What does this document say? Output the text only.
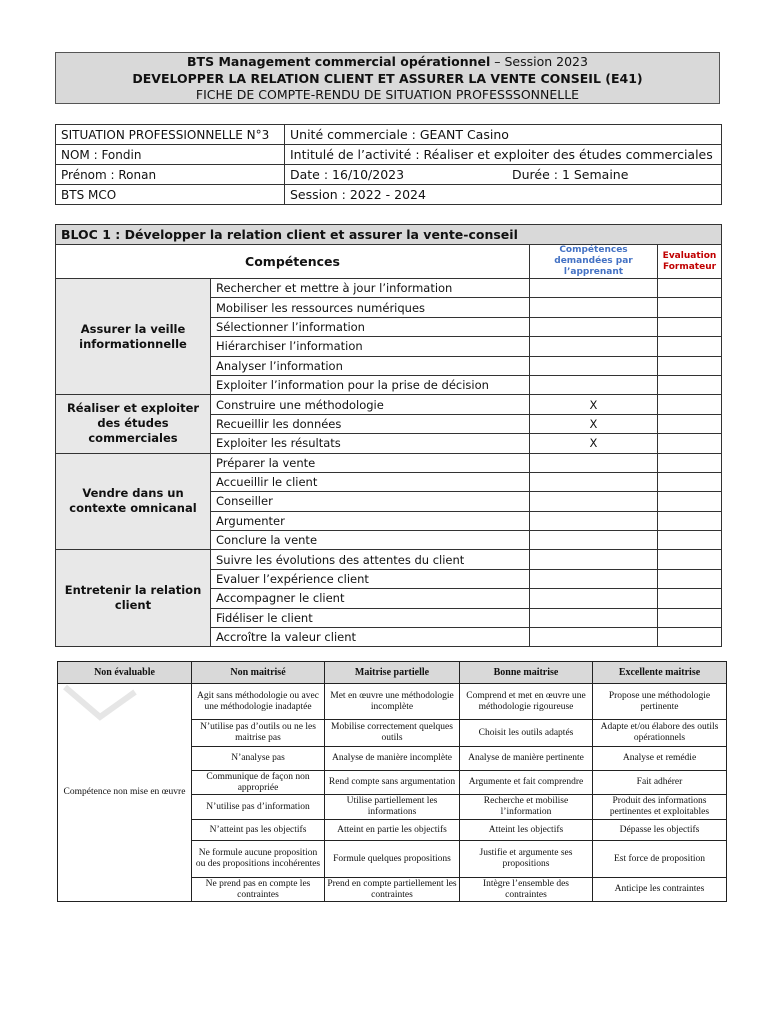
BTS Management commercial opérationnel – Session 2023
DEVELOPPER LA RELATION CLIENT ET ASSURER LA VENTE CONSEIL (E41)
FICHE DE COMPTE-RENDU DE SITUATION PROFESSSONNELLE
SITUATION PROFESSIONNELLE N°3	Unité commerciale : GEANT Casino
NOM : Fondin	Intitulé de l’activité : Réaliser et exploiter des études commerciales
Prénom : Ronan	Date : 16/10/2023 Durée : 1 Semaine
BTS MCO	Session : 2022 - 2024
BLOC 1 : Développer la relation client et assurer la vente-conseil			
Compétences		Compétences demandées par l’apprenant	Evaluation Formateur
Assurer la veille informationnelle	Rechercher et mettre à jour l’information		
	Mobiliser les ressources numériques		
	Sélectionner l’information		
	Hiérarchiser l’information		
	Analyser l’information		
	Exploiter l’information pour la prise de décision		
Réaliser et exploiter des études commerciales	Construire une méthodologie	X	
	Recueillir les données	X	
	Exploiter les résultats	X	
Vendre dans un contexte omnicanal	Préparer la vente		
	Accueillir le client		
	Conseiller		
	Argumenter		
	Conclure la vente		
Entretenir la relation client	Suivre les évolutions des attentes du client		
	Evaluer l’expérience client		
	Accompagner le client		
	Fidéliser le client		
	Accroître la valeur client		
Non évaluable	Non maitrisé	Maitrise partielle	Bonne maitrise	Excellente maitrise
Compétence non mise en œuvre	Agit sans méthodologie ou avec une méthodologie inadaptée	Met en œuvre une méthodologie incomplète	Comprend et met en œuvre une méthodologie rigoureuse	Propose une méthodologie pertinente
	N’utilise pas d’outils ou ne les maitrise pas	Mobilise correctement quelques outils	Choisit les outils adaptés	Adapte et/ou élabore des outils opérationnels
	N’analyse pas	Analyse de manière incomplète	Analyse de manière pertinente	Analyse et remédie
	Communique de façon non appropriée	Rend compte sans argumentation	Argumente et fait comprendre	Fait adhérer
	N’utilise pas d’information	Utilise partiellement les informations	Recherche et mobilise l’information	Produit des informations pertinentes et exploitables
	N’atteint pas les objectifs	Atteint en partie les objectifs	Atteint les objectifs	Dépasse les objectifs
	Ne formule aucune proposition ou des propositions incohérentes	Formule quelques propositions	Justifie et argumente ses propositions	Est force de proposition
	Ne prend pas en compte les contraintes	Prend en compte partiellement les contraintes	Intègre l’ensemble des contraintes	Anticipe les contraintes
